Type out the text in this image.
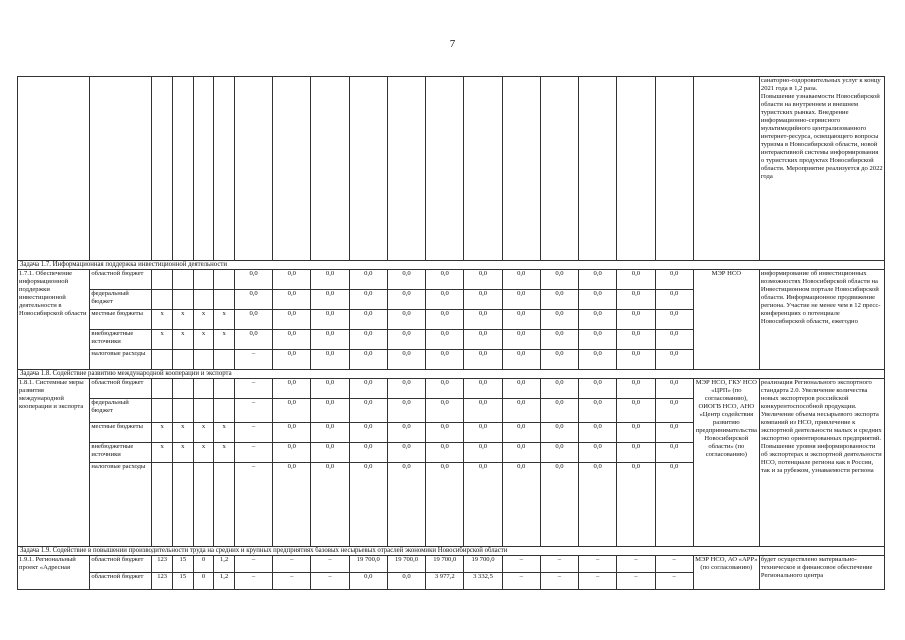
7
																			санаторно-оздоровительных услуг к концу 2021 года в 1,2 раза.
Повышение узнаваемости Новосибирской области на внутреннем и внешнем туристских рынках. Внедрение информационно-сервисного мультимедийного централизованного интернет-ресурса, освещающего вопросы туризма в Новосибирской области, новой интерактивной системы информирования о туристских продуктах Новосибирской области. Мероприятие реализуется до 2022 года
Задача 1.7. Информационная поддержка инвестиционной деятельности																			
1.7.1. Обеспечение информационной поддержки инвестиционной деятельности в Новосибирской области	областной бюджет					0,0	0,0	0,0	0,0	0,0	0,0	0,0	0,0	0,0	0,0	0,0	0,0	МЭР НСО	информирование об инвестиционных возможностях Новосибирской области на Инвестиционном портале Новосибирской области. Информационное продвижение региона. Участие не менее чем в 12 пресс-конференциях о потенциале Новосибирской области, ежегодно
	федеральный бюджет					0,0	0,0	0,0	0,0	0,0	0,0	0,0	0,0	0,0	0,0	0,0	0,0		
	местные бюджеты	x	x	x	x	0,0	0,0	0,0	0,0	0,0	0,0	0,0	0,0	0,0	0,0	0,0	0,0		
	внебюджетные источники	x	x	x	x	0,0	0,0	0,0	0,0	0,0	0,0	0,0	0,0	0,0	0,0	0,0	0,0		
	налоговые расходы					–	0,0	0,0	0,0	0,0	0,0	0,0	0,0	0,0	0,0	0,0	0,0		
Задача 1.8. Содействие развитию международной кооперации и экспорта																			
1.8.1. Системные меры развития международной кооперации и экспорта	областной бюджет					–	0,0	0,0	0,0	0,0	0,0	0,0	0,0	0,0	0,0	0,0	0,0	МЭР НСО, ГКУ НСО «ЦРП» (по согласованию), ОИОГВ НСО, АНО «Центр содействия развитию предпринимательства Новосибирской области» (по согласованию)	реализация Регионального экспортного стандарта 2.0. Увеличение количества новых экспортеров российской конкурентоспособной продукции. Увеличение объема несырьевого экспорта компаний из НСО, привлечение к экспортной деятельности малых и средних экспортно ориентированных предприятий. Повышение уровня информированности об экспортерах и экспортной деятельности НСО, потенциале региона как в России, так и за рубежом, узнаваемости региона
	федеральный бюджет					–	0,0	0,0	0,0	0,0	0,0	0,0	0,0	0,0	0,0	0,0	0,0		
	местные бюджеты	x	x	x	x	–	0,0	0,0	0,0	0,0	0,0	0,0	0,0	0,0	0,0	0,0	0,0		
	внебюджетные источники	x	x	x	x	–	0,0	0,0	0,0	0,0	0,0	0,0	0,0	0,0	0,0	0,0	0,0		
	налоговые расходы					–	0,0	0,0	0,0	0,0	0,0	0,0	0,0	0,0	0,0	0,0	0,0		
Задача 1.9. Содействие в повышении производительности труда на средних и крупных предприятиях базовых несырьевых отраслей экономики Новосибирской области																			
1.9.1. Региональный проект «Адресная	областной бюджет	123	15	0	1,2	–	–	–	19 700,0	19 700,0	19 700,0	19 700,0	–	–	–	–	–	МЭР НСО, АО «АРР» (по согласованию)	будет осуществлено материально-техническое и финансовое обеспечение Регионального центра
	областной бюджет	123	15	0	1,2	–	–	–	0,0	0,0	3 977,2	3 332,5	–	–	–	–	–		
